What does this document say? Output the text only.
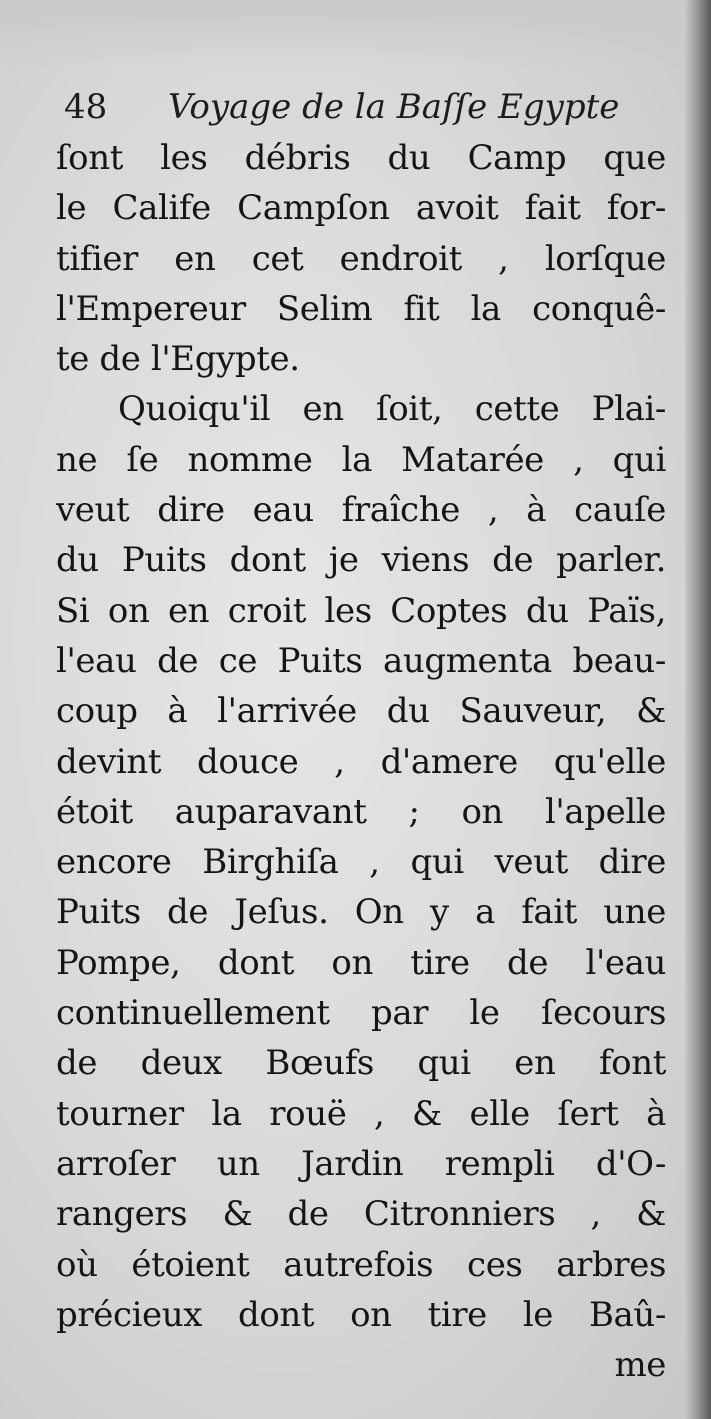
48 Voyage de la Baſſe Egypte
ſont les débris du Camp que
le Calife Campſon avoit fait for-
tifier en cet endroit , lorſque
l'Empereur Selim fit la conquê-
te de l'Egypte.
Quoiqu'il en ſoit, cette Plai-
ne ſe nomme la Matarée , qui
veut dire eau fraîche , à cauſe
du Puits dont je viens de parler.
Si on en croit les Coptes du Païs,
l'eau de ce Puits augmenta beau-
coup à l'arrivée du Sauveur, &
devint douce , d'amere qu'elle
étoit auparavant ; on l'apelle
encore Birghiſa , qui veut dire
Puits de Jeſus. On y a fait une
Pompe, dont on tire de l'eau
continuellement par le ſecours
de deux Bœufs qui en font
tourner la rouë , & elle ſert à
arroſer un Jardin rempli d'O-
rangers & de Citronniers , &
où étoient autrefois ces arbres
précieux dont on tire le Baû-
me
